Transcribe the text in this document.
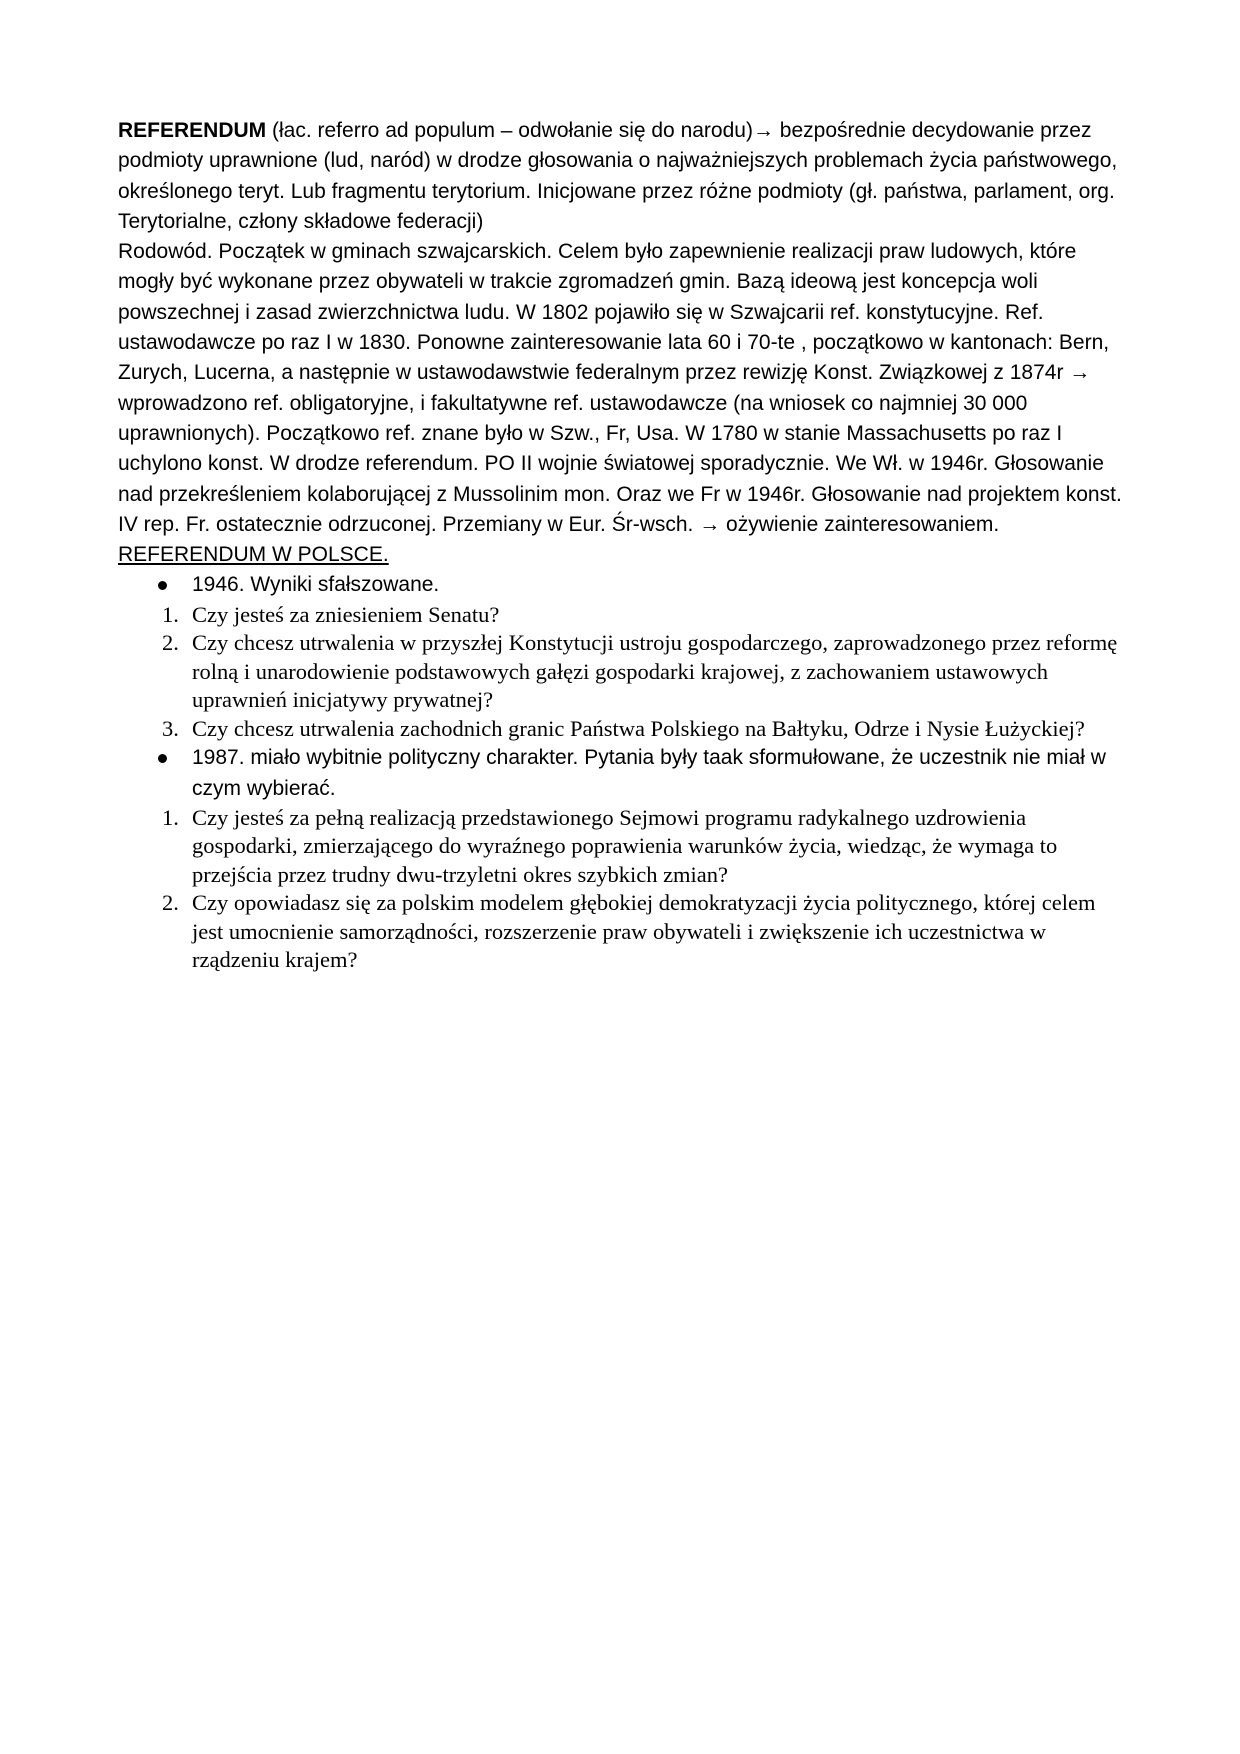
REFERENDUM (łac. referro ad populum – odwołanie się do narodu)→ bezpośrednie decydowanie przez podmioty uprawnione (lud, naród) w drodze głosowania o najważniejszych problemach życia państwowego, określonego teryt. Lub fragmentu terytorium. Inicjowane przez różne podmioty (gł. państwa, parlament, org. Terytorialne, człony składowe federacji)

Rodowód. Początek w gminach szwajcarskich. Celem było zapewnienie realizacji praw ludowych, które mogły być wykonane przez obywateli w trakcie zgromadzeń gmin. Bazą ideową jest koncepcja woli powszechnej i zasad zwierzchnictwa ludu. W 1802 pojawiło się w Szwajcarii ref. konstytucyjne. Ref. ustawodawcze po raz I w 1830. Ponowne zainteresowanie lata 60 i 70-te , początkowo w kantonach: Bern, Zurych, Lucerna, a następnie w ustawodawstwie federalnym przez rewizję Konst. Związkowej z 1874r → wprowadzono ref. obligatoryjne, i fakultatywne ref. ustawodawcze (na wniosek co najmniej 30 000 uprawnionych). Początkowo ref. znane było w Szw., Fr, Usa. W 1780 w stanie Massachusetts po raz I uchylono konst. W drodze referendum. PO II wojnie światowej sporadycznie. We Wł. w 1946r. Głosowanie nad przekreśleniem kolaborującej z Mussolinim mon. Oraz we Fr w 1946r. Głosowanie nad projektem konst. IV rep. Fr. ostatecznie odrzuconej. Przemiany w Eur. Śr-wsch. → ożywienie zainteresowaniem.

REFERENDUM W POLSCE.

1946. Wyniki sfałszowane.
1. Czy jesteś za zniesieniem Senatu?
2. Czy chcesz utrwalenia w przyszłej Konstytucji ustroju gospodarczego, zaprowadzonego przez reformę rolną i unarodowienie podstawowych gałęzi gospodarki krajowej, z zachowaniem ustawowych uprawnień inicjatywy prywatnej?
3. Czy chcesz utrwalenia zachodnich granic Państwa Polskiego na Bałtyku, Odrze i Nysie Łużyckiej?
1987. miało wybitnie polityczny charakter. Pytania były taak sformułowane, że uczestnik nie miał w czym wybierać.
1. Czy jesteś za pełną realizacją przedstawionego Sejmowi programu radykalnego uzdrowienia gospodarki, zmierzającego do wyraźnego poprawienia warunków życia, wiedząc, że wymaga to przejścia przez trudny dwu-trzyletni okres szybkich zmian?
2. Czy opowiadasz się za polskim modelem głębokiej demokratyzacji życia politycznego, której celem jest umocnienie samorządności, rozszerzenie praw obywateli i zwiększenie ich uczestnictwa w rządzeniu krajem?
